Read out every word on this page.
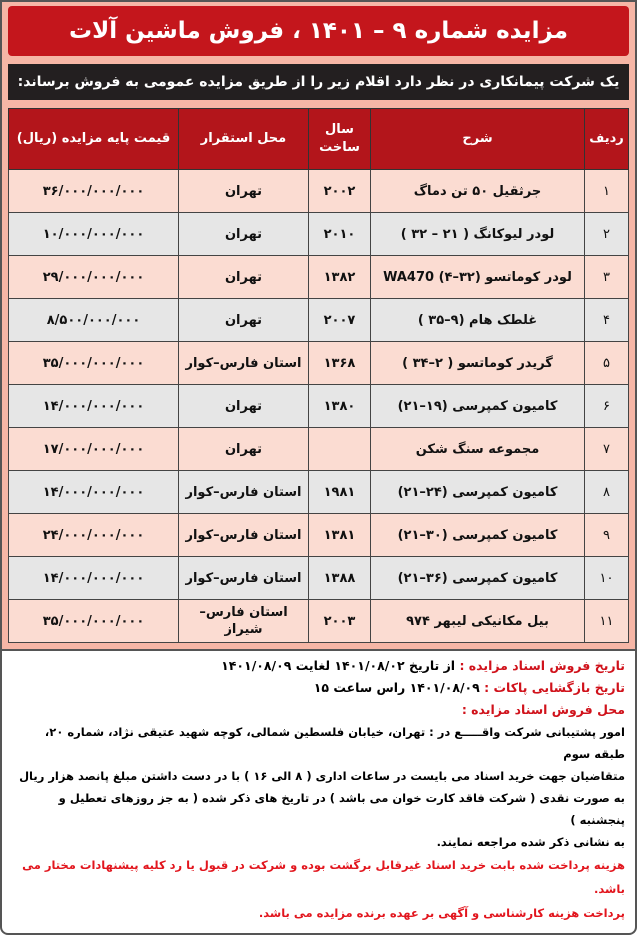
مزایده شماره ۹ – ۱۴۰۱ ، فروش ماشین آلات
یک شرکت پیمانکاری در نظر دارد اقلام زیر را از طریق مزایده عمومی به فروش برساند:
ردیف	شرح	سال ساخت	محل استقرار	قیمت پایه مزایده (ریال)
۱	جرثقیل ۵۰ تن دماگ	۲۰۰۲	تهران	۳۶/۰۰۰/۰۰۰/۰۰۰
۲	لودر لیوکانگ ( ۲۱ – ۳۲ )	۲۰۱۰	تهران	۱۰/۰۰۰/۰۰۰/۰۰۰
۳	لودر کوماتسو WA470 (۴–۳۲)	۱۳۸۲	تهران	۲۹/۰۰۰/۰۰۰/۰۰۰
۴	غلطک هام (۹–۳۵ )	۲۰۰۷	تهران	۸/۵۰۰/۰۰۰/۰۰۰
۵	گریدر کوماتسو ( ۲–۳۴ )	۱۳۶۸	استان فارس–کوار	۳۵/۰۰۰/۰۰۰/۰۰۰
۶	کامیون کمپرسی (۱۹–۲۱)	۱۳۸۰	تهران	۱۴/۰۰۰/۰۰۰/۰۰۰
۷	مجموعه سنگ شکن		تهران	۱۷/۰۰۰/۰۰۰/۰۰۰
۸	کامیون کمپرسی (۲۴–۲۱)	۱۹۸۱	استان فارس–کوار	۱۴/۰۰۰/۰۰۰/۰۰۰
۹	کامیون کمپرسی (۳۰–۲۱)	۱۳۸۱	استان فارس–کوار	۲۴/۰۰۰/۰۰۰/۰۰۰
۱۰	کامیون کمپرسی (۳۶–۲۱)	۱۳۸۸	استان فارس–کوار	۱۴/۰۰۰/۰۰۰/۰۰۰
۱۱	بیل مکانیکی لیبهر ۹۷۴	۲۰۰۳	استان فارس–شیراز	۳۵/۰۰۰/۰۰۰/۰۰۰
تاریخ فروش اسناد مزایده : از تاریخ ۱۴۰۱/۰۸/۰۲ لغایت ۱۴۰۱/۰۸/۰۹
تاریخ بازگشایی پاکات : ۱۴۰۱/۰۸/۰۹ راس ساعت ۱۵
محل فروش اسناد مزایده :
امور پشتیبانی شرکت واقـــــع در : تهران، خیابان فلسطین شمالی، کوچه شهید عتیقی نژاد، شماره ۲۰، طبقه سوم
متقاضیان جهت خرید اسناد می بایست در ساعات اداری ( ۸ الی ۱۶ ) با در دست داشتن مبلغ پانصد هزار ریال
به صورت نقدی ( شرکت فاقد کارت خوان می باشد ) در تاریخ های ذکر شده ( به جز روزهای تعطیل و پنجشنبه )
به نشانی ذکر شده مراجعه نمایند.
هزینه پرداخت شده بابت خرید اسناد غیرقابل برگشت بوده و شرکت در قبول یا رد کلیه پیشنهادات مختار می باشد.
پرداخت هزینه کارشناسی و آگهی بر عهده برنده مزایده می باشد.
